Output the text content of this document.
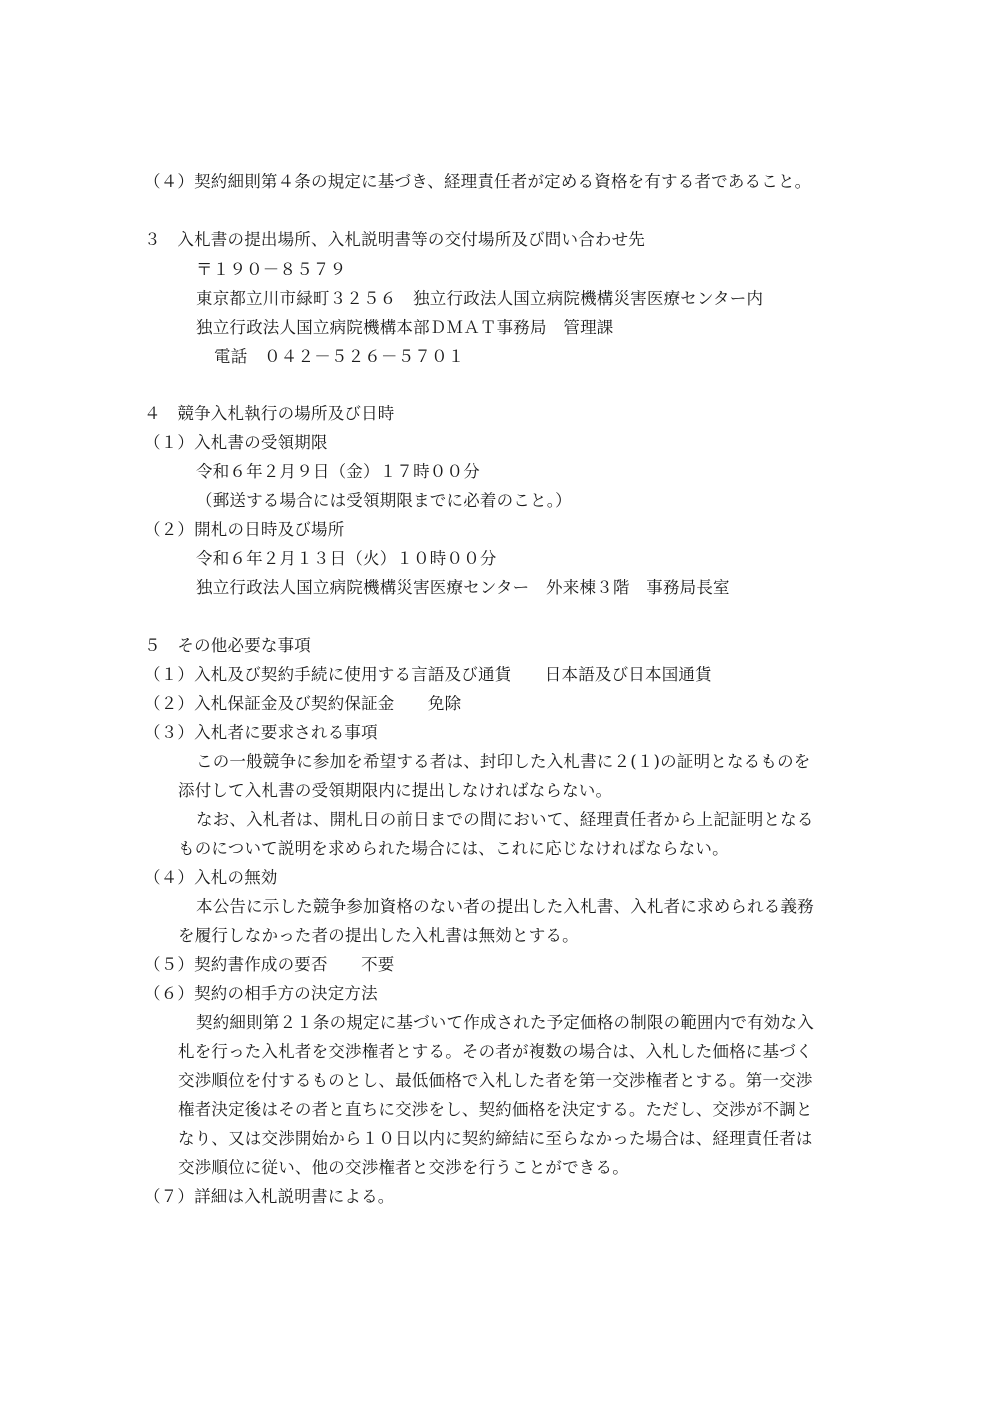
（４）契約細則第４条の規定に基づき、経理責任者が定める資格を有する者であること。
３　入札書の提出場所、入札説明書等の交付場所及び問い合わせ先
〒１９０－８５７９
東京都立川市緑町３２５６　独立行政法人国立病院機構災害医療センター内
独立行政法人国立病院機構本部ＤＭＡＴ事務局　管理課
電話　０４２－５２６－５７０１
４　競争入札執行の場所及び日時
（１）入札書の受領期限
令和６年２月９日（金）１７時００分
（郵送する場合には受領期限までに必着のこと。）
（２）開札の日時及び場所
令和６年２月１３日（火）１０時００分
独立行政法人国立病院機構災害医療センター　外来棟３階　事務局長室
５　その他必要な事項
（１）入札及び契約手続に使用する言語及び通貨　　日本語及び日本国通貨
（２）入札保証金及び契約保証金　　免除
（３）入札者に要求される事項
この一般競争に参加を希望する者は、封印した入札書に２(１)の証明となるものを
添付して入札書の受領期限内に提出しなければならない。
なお、入札者は、開札日の前日までの間において、経理責任者から上記証明となる
ものについて説明を求められた場合には、これに応じなければならない。
（４）入札の無効
本公告に示した競争参加資格のない者の提出した入札書、入札者に求められる義務
を履行しなかった者の提出した入札書は無効とする。
（５）契約書作成の要否　　不要
（６）契約の相手方の決定方法
契約細則第２１条の規定に基づいて作成された予定価格の制限の範囲内で有効な入
札を行った入札者を交渉権者とする。その者が複数の場合は、入札した価格に基づく
交渉順位を付するものとし、最低価格で入札した者を第一交渉権者とする。第一交渉
権者決定後はその者と直ちに交渉をし、契約価格を決定する。ただし、交渉が不調と
なり、又は交渉開始から１０日以内に契約締結に至らなかった場合は、経理責任者は
交渉順位に従い、他の交渉権者と交渉を行うことができる。
（７）詳細は入札説明書による。
